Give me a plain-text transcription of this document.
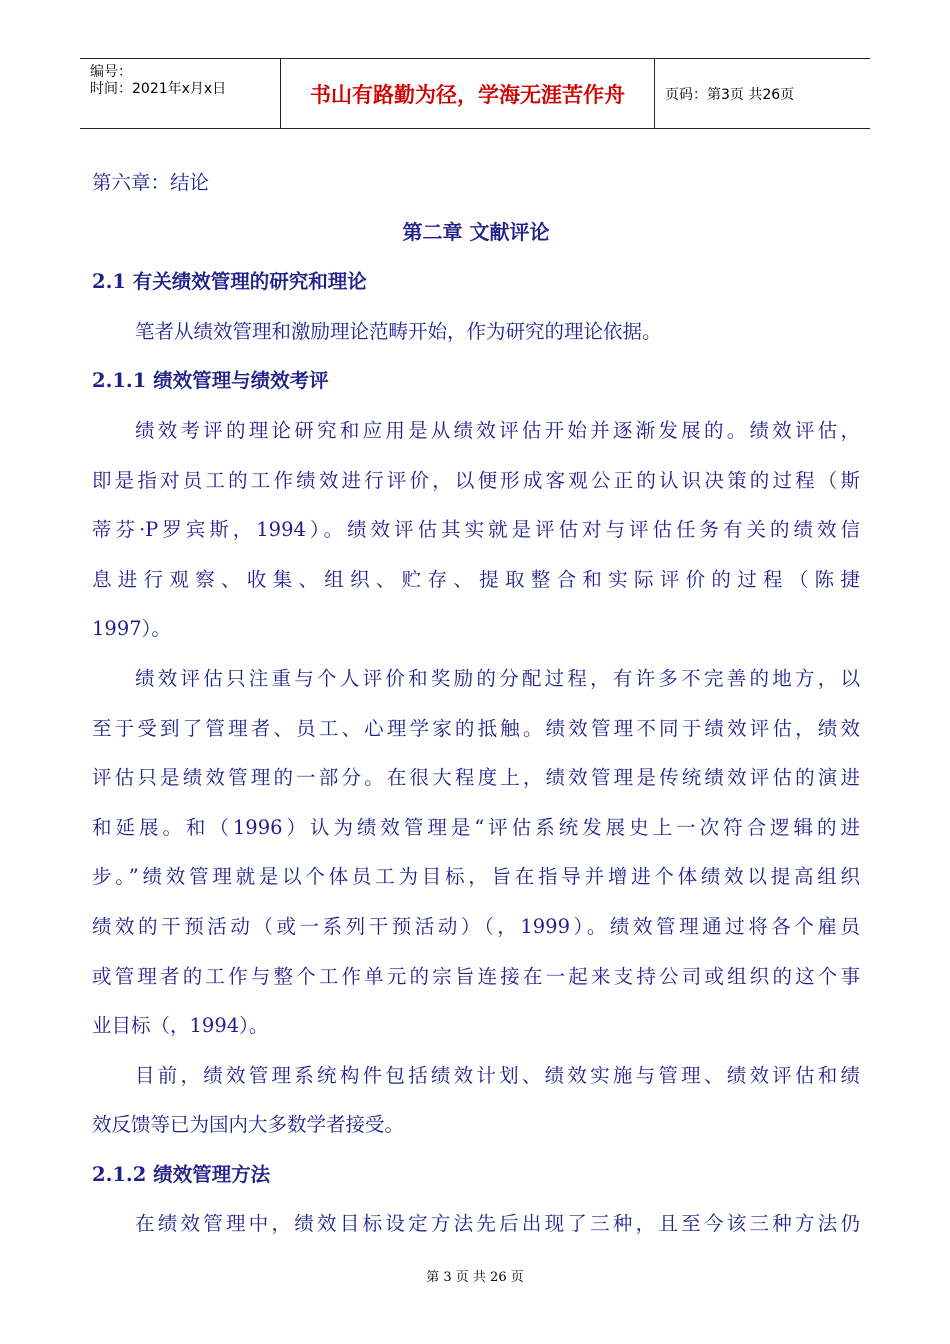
编号：
时间：2021年x月x日	书山有路勤为径，学海无涯苦作舟	页码：第3页 共26页
第六章：结论
第二章 文献评论
2.1 有关绩效管理的研究和理论
笔者从绩效管理和激励理论范畴开始，作为研究的理论依据。
2.1.1 绩效管理与绩效考评
绩效考评的理论研究和应用是从绩效评估开始并逐渐发展的。绩效评估，
即是指对员工的工作绩效进行评价，以便形成客观公正的认识决策的过程（斯
蒂芬·P罗宾斯，1994）。绩效评估其实就是评估对与评估任务有关的绩效信
息进行观察、收集、组织、贮存、提取整合和实际评价的过程（陈捷
1997）。
绩效评估只注重与个人评价和奖励的分配过程，有许多不完善的地方，以
至于受到了管理者、员工、心理学家的抵触。绩效管理不同于绩效评估，绩效
评估只是绩效管理的一部分。在很大程度上，绩效管理是传统绩效评估的演进
和延展。和（1996）认为绩效管理是“评估系统发展史上一次符合逻辑的进
步。”绩效管理就是以个体员工为目标，旨在指导并增进个体绩效以提高组织
绩效的干预活动（或一系列干预活动）（，1999）。绩效管理通过将各个雇员
或管理者的工作与整个工作单元的宗旨连接在一起来支持公司或组织的这个事
业目标（，1994）。
目前，绩效管理系统构件包括绩效计划、绩效实施与管理、绩效评估和绩
效反馈等已为国内大多数学者接受。
2.1.2 绩效管理方法
在绩效管理中，绩效目标设定方法先后出现了三种，且至今该三种方法仍
第 3 页 共 26 页
